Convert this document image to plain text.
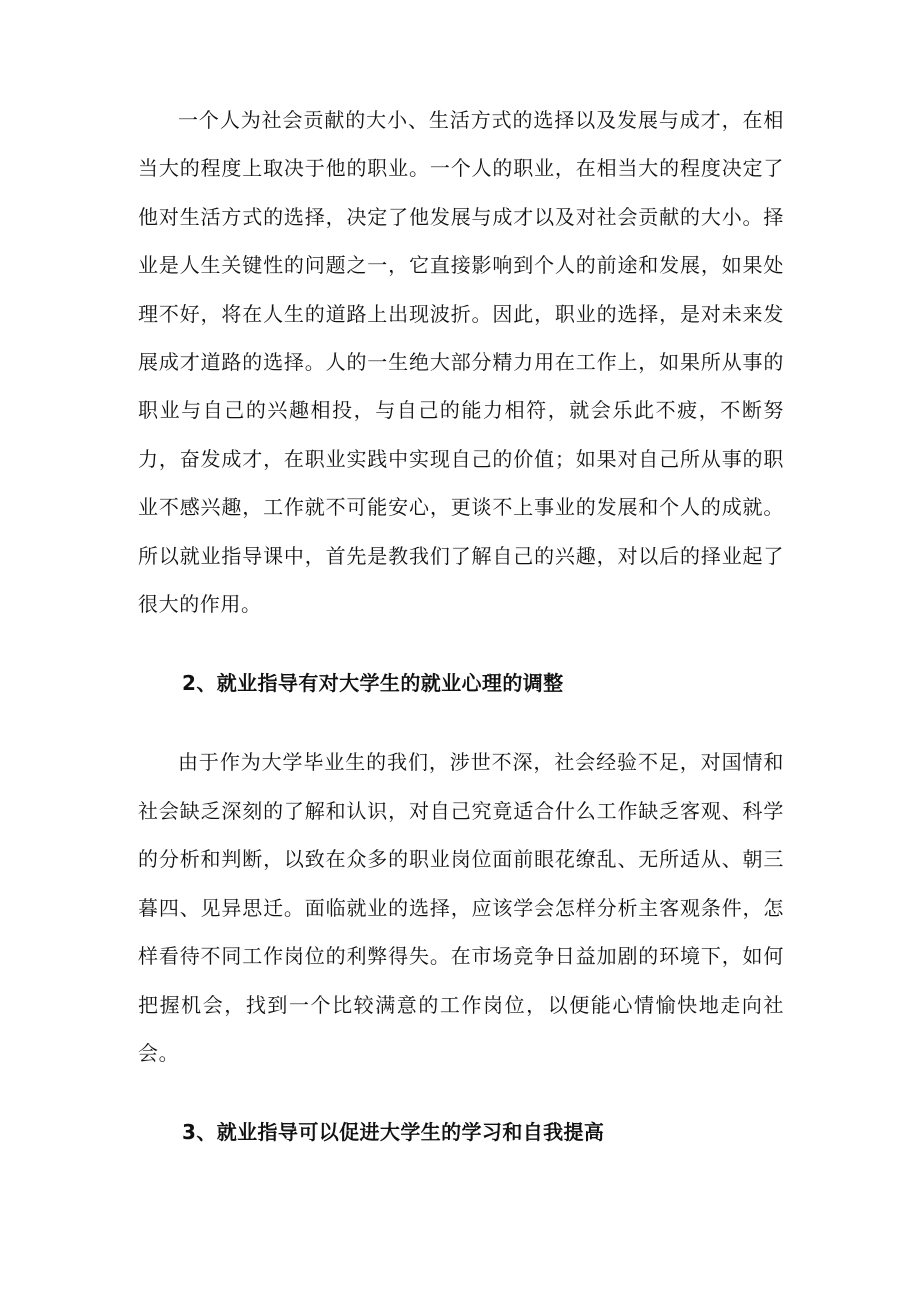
一个人为社会贡献的大小、生活方式的选择以及发展与成才，在相当大的程度上取决于他的职业。一个人的职业，在相当大的程度决定了他对生活方式的选择，决定了他发展与成才以及对社会贡献的大小。择业是人生关键性的问题之一，它直接影响到个人的前途和发展，如果处理不好，将在人生的道路上出现波折。因此，职业的选择，是对未来发展成才道路的选择。人的一生绝大部分精力用在工作上，如果所从事的职业与自己的兴趣相投，与自己的能力相符，就会乐此不疲，不断努力，奋发成才，在职业实践中实现自己的价值；如果对自己所从事的职业不感兴趣，工作就不可能安心，更谈不上事业的发展和个人的成就。所以就业指导课中，首先是教我们了解自己的兴趣，对以后的择业起了很大的作用。

2、就业指导有对大学生的就业心理的调整

由于作为大学毕业生的我们，涉世不深，社会经验不足，对国情和社会缺乏深刻的了解和认识，对自己究竟适合什么工作缺乏客观、科学的分析和判断，以致在众多的职业岗位面前眼花缭乱、无所适从、朝三暮四、见异思迁。面临就业的选择，应该学会怎样分析主客观条件，怎样看待不同工作岗位的利弊得失。在市场竞争日益加剧的环境下，如何把握机会，找到一个比较满意的工作岗位，以便能心情愉快地走向社会。

3、就业指导可以促进大学生的学习和自我提高
